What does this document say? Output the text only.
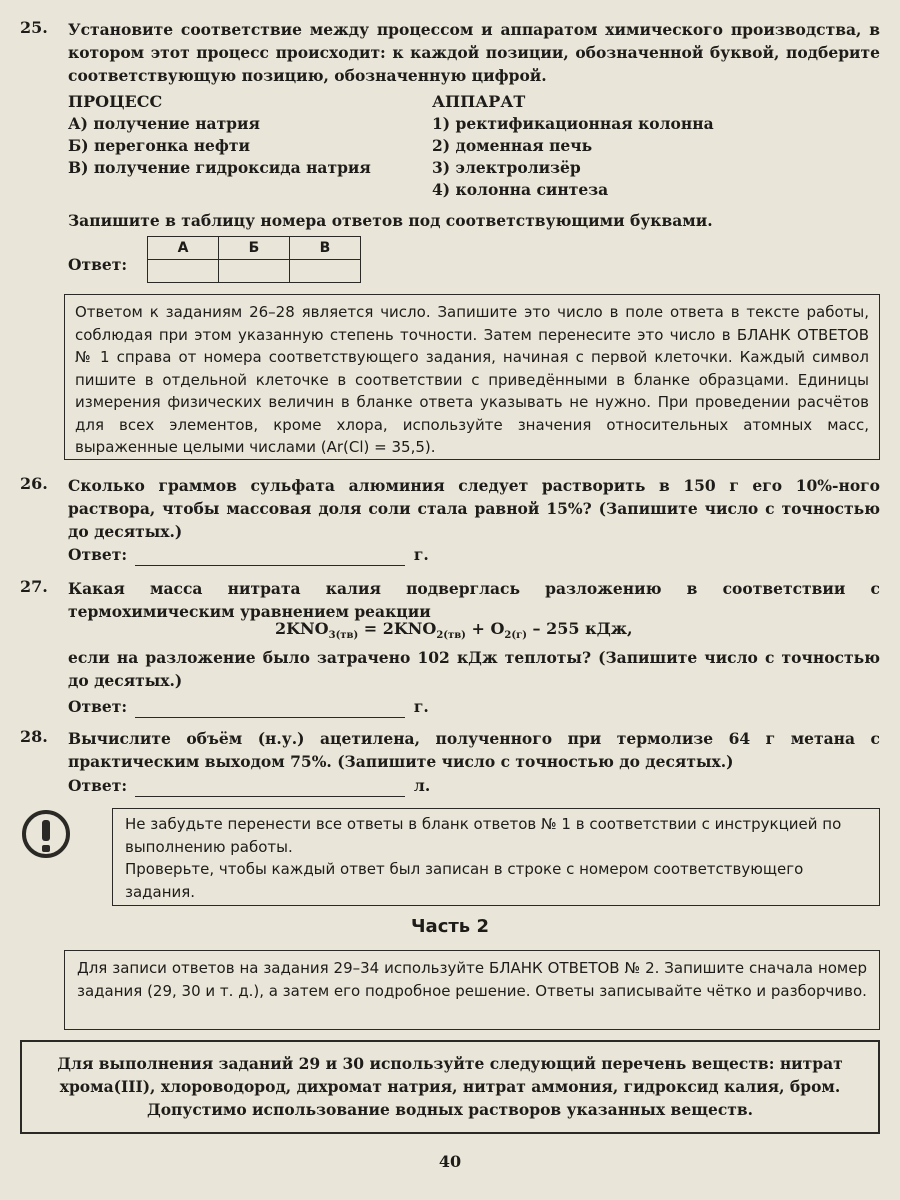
25. Установите соответствие между процессом и аппаратом химического производства, в котором этот процесс происходит: к каждой позиции, обозначенной буквой, подберите соответствующую позицию, обозначенную цифрой.
ПРОЦЕСС	АППАРАТ
А) получение натрия
Б) перегонка нефти
В) получение гидроксида натрия
1) ректификационная колонна
2) доменная печь
3) электролизёр
4) колонна синтеза
Запишите в таблицу номера ответов под соответствующими буквами.
Ответ:
А	Б	В

Ответом к заданиям 26–28 является число. Запишите это число в поле ответа в тексте работы, соблюдая при этом указанную степень точности. Затем перенесите это число в БЛАНК ОТВЕТОВ № 1 справа от номера соответствующего задания, начиная с первой клеточки. Каждый символ пишите в отдельной клеточке в соответствии с приведёнными в бланке образцами. Единицы измерения физических величин в бланке ответа указывать не нужно. При проведении расчётов для всех элементов, кроме хлора, используйте значения относительных атомных масс, выраженные целыми числами (Ar(Cl) = 35,5).
26. Сколько граммов сульфата алюминия следует растворить в 150 г его 10%-ного раствора, чтобы массовая доля соли стала равной 15%? (Запишите число с точностью до десятых.)
Ответ:	г.
27. Какая масса нитрата калия подверглась разложению в соответствии с термохимическим уравнением реакции
$2KNO_{3(тв)} = 2KNO_{2(тв)} + O_{2(г)} - 255$ кДж,
если на разложение было затрачено 102 кДж теплоты? (Запишите число с точностью до десятых.)
Ответ:	г.
28. Вычислите объём (н.у.) ацетилена, полученного при термолизе 64 г метана с практическим выходом 75%. (Запишите число с точностью до десятых.)
Ответ:	л.
Не забудьте перенести все ответы в бланк ответов № 1 в соответствии с инструкцией по выполнению работы.
Проверьте, чтобы каждый ответ был записан в строке с номером соответствующего задания.
Часть 2
Для записи ответов на задания 29–34 используйте БЛАНК ОТВЕТОВ № 2. Запишите сначала номер задания (29, 30 и т. д.), а затем его подробное решение. Ответы записывайте чётко и разборчиво.
Для выполнения заданий 29 и 30 используйте следующий перечень веществ: нитрат хрома(III), хлороводород, дихромат натрия, нитрат аммония, гидроксид калия, бром. Допустимо использование водных растворов указанных веществ.
40
